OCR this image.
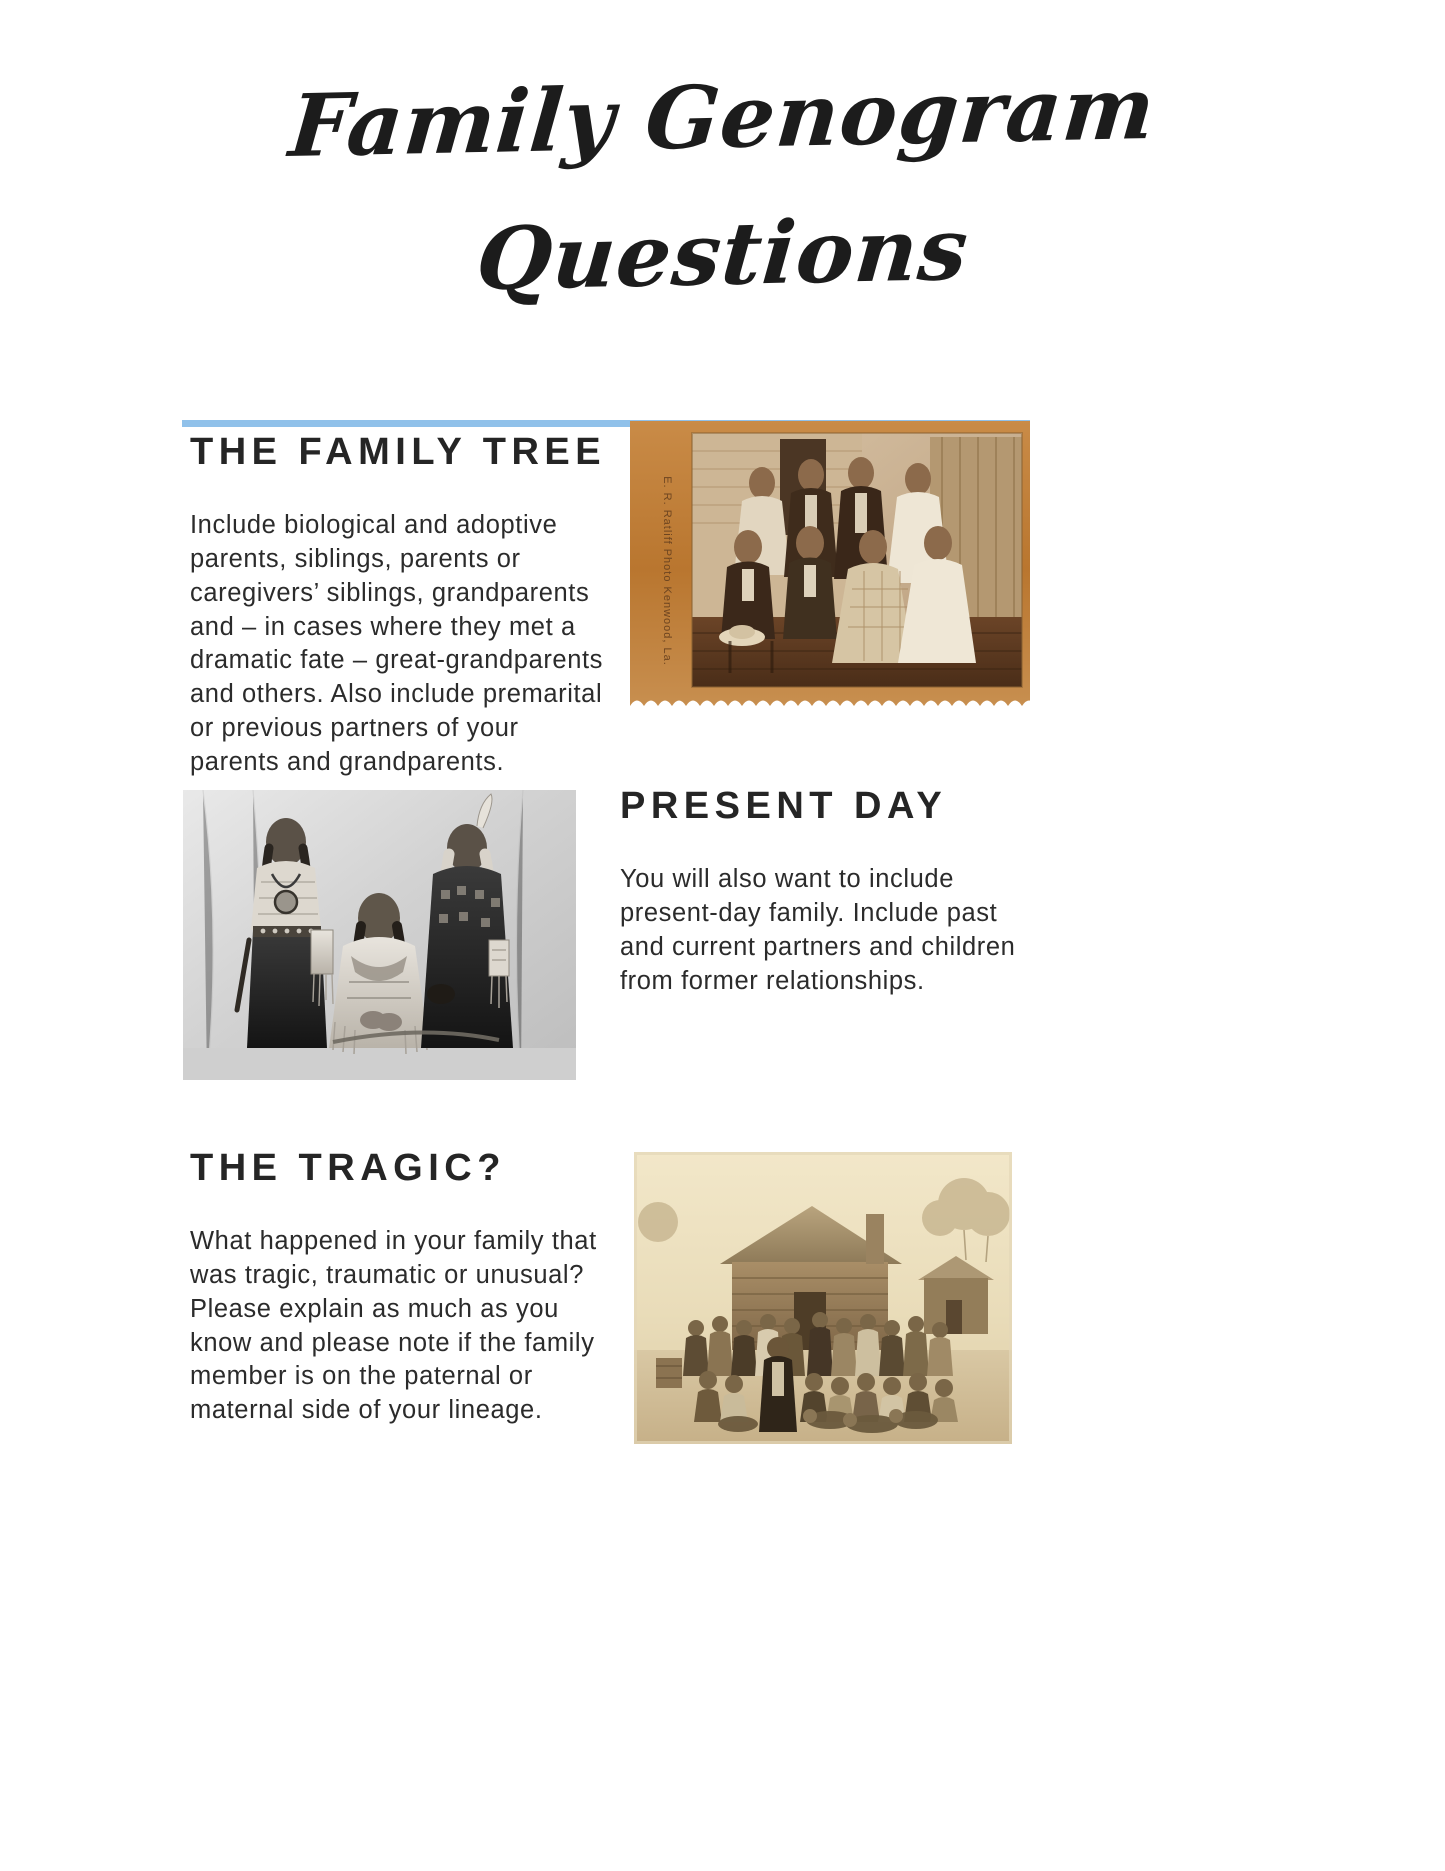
Family Genogram
Questions
THE FAMILY TREE
Include biological and adoptive parents, siblings, parents or caregivers’ siblings, grandparents and – in cases where they met a dramatic fate – great-grandparents and others. Also include premarital or previous partners of your parents and grandparents.
E. R. Ratliff Photo Kenwood, La.
PRESENT DAY
You will also want to include present-day family. Include past and current partners and children from former relationships.
THE TRAGIC?
What happened in your family that was tragic, traumatic or unusual? Please explain as much as you know and please note if the family member is on the paternal or maternal side of your lineage.
